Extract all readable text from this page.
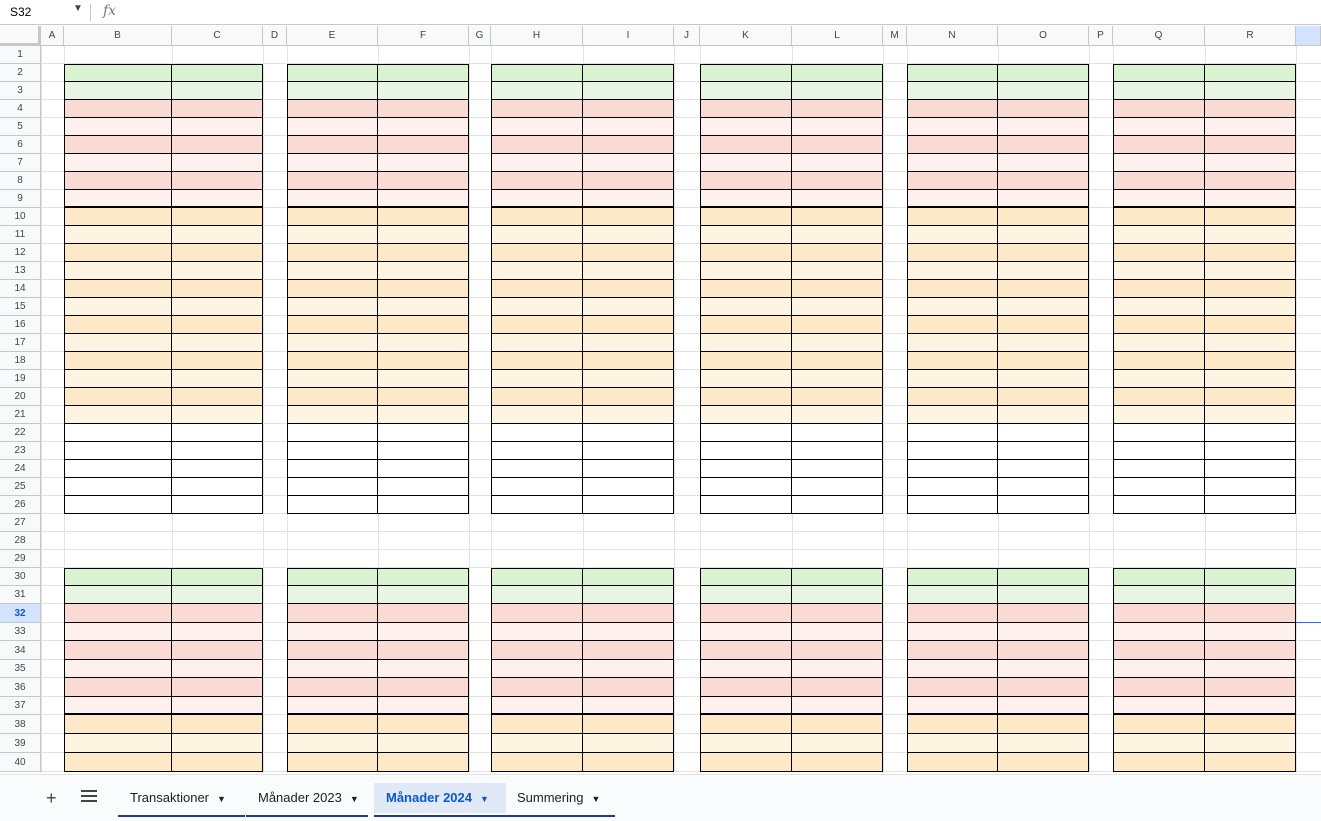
S32	▼ fx
A	B	C	D	E	F	G	H	I	J	K	L	M	N	O	P	Q	R
1
2
3
4
5
6
7
8
9
10
11
12
13
14
15
16
17
18
19
20
21
22
23
24
25
26
27
28
29
30
31
32
33
34
35
36
37
38
39
40
+	Transaktioner ▼	Månader 2023 ▼	Månader 2024 ▼	Summering ▼
